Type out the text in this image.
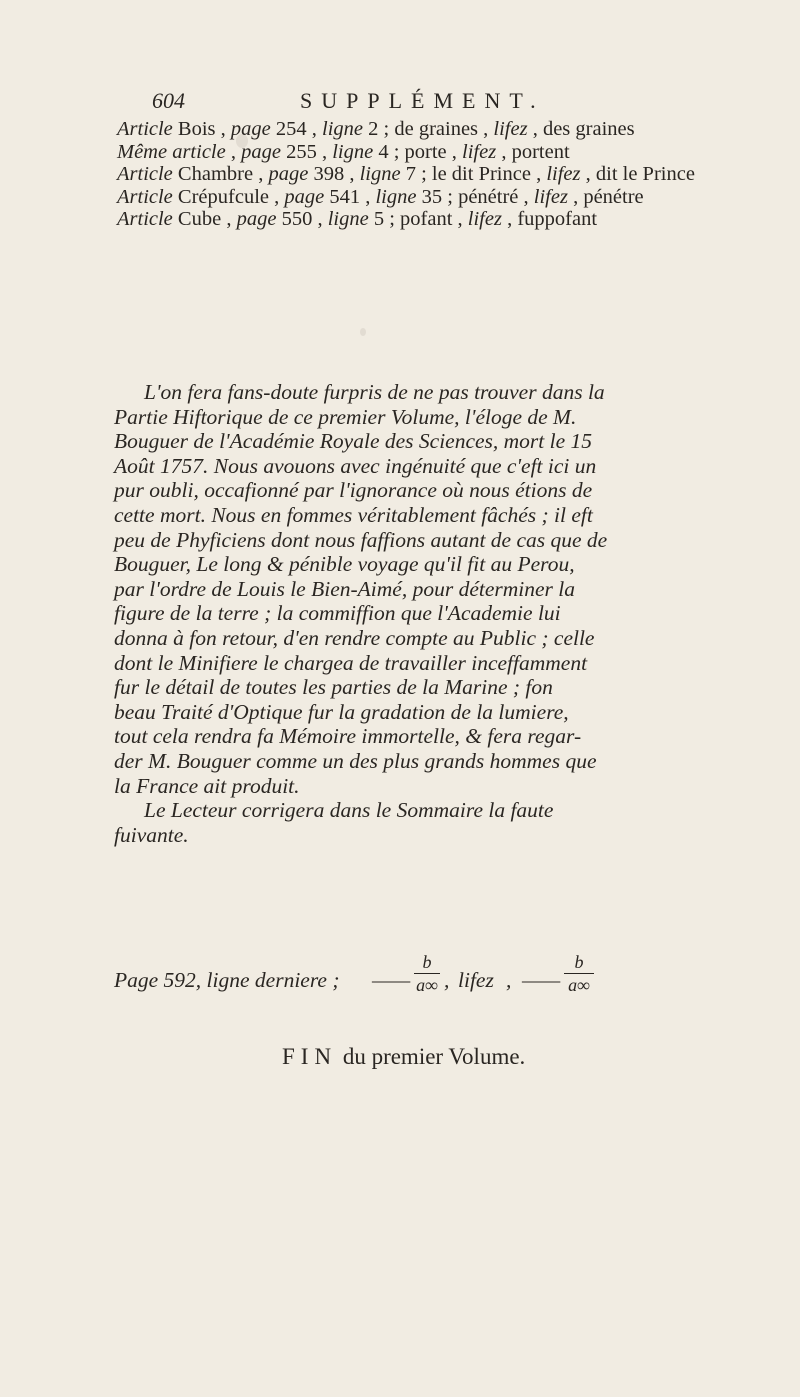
604	SUPPLÉMENT.
Article Bois , page 254 , ligne 2 ; de graines , lifez , des graines
Même article , page 255 , ligne 4 ; porte , lifez , portent
Article Chambre , page 398 , ligne 7 ; le dit Prince , lifez , dit le Prince
Article Crépufcule , page 541 , ligne 35 ; pénétré , lifez , pénétre
Article Cube , page 550 , ligne 5 ; pofant , lifez , fuppofant
L'on fera fans-doute furpris de ne pas trouver dans la
Partie Hiftorique de ce premier Volume, l'éloge de M.
Bouguer de l'Académie Royale des Sciences, mort le 15
Août 1757. Nous avouons avec ingénuité que c'eft ici un
pur oubli, occafionné par l'ignorance où nous étions de
cette mort. Nous en fommes véritablement fâchés ; il eft
peu de Phyficiens dont nous faffions autant de cas que de
Bouguer, Le long & pénible voyage qu'il fit au Perou,
par l'ordre de Louis le Bien-Aimé, pour déterminer la
figure de la terre ; la commiffion que l'Academie lui
donna à fon retour, d'en rendre compte au Public ; celle
dont le Minifiere le chargea de travailler inceffamment
fur le détail de toutes les parties de la Marine ; fon
beau Traité d'Optique fur la gradation de la lumiere,
tout cela rendra fa Mémoire immortelle, & fera regar-
der M. Bouguer comme un des plus grands hommes que
la France ait produit.
Le Lecteur corrigera dans le Sommaire la faute
fuivante.
Page 592, ligne derniere ; ——
b
a∞ , lifez , ——
b
a∞
FIN du premier Volume.
